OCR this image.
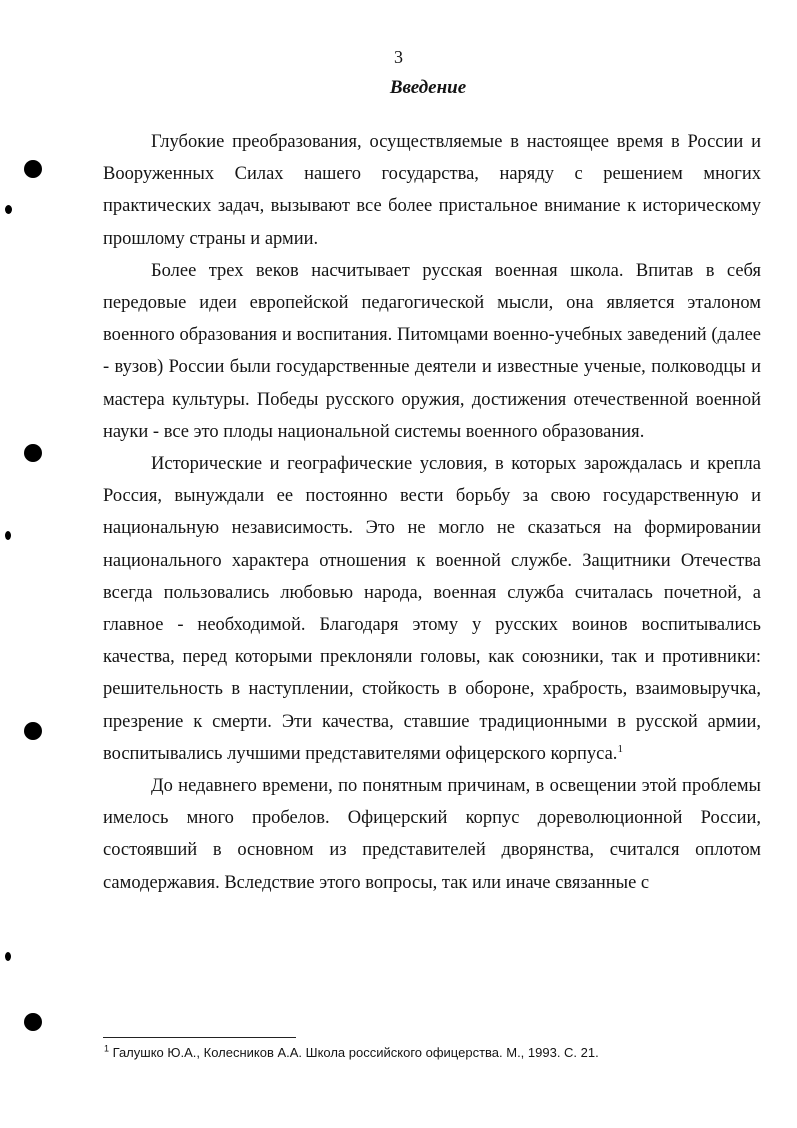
3
Введение

Глубокие преобразования, осуществляемые в настоящее время в России и Вооруженных Силах нашего государства, наряду с решением многих практических задач, вызывают все более пристальное внимание к историческому прошлому страны и армии.

Более трех веков насчитывает русская военная школа. Впитав в себя передовые идеи европейской педагогической мысли, она является эталоном военного образования и воспитания. Питомцами военно-учебных заведений (далее - вузов) России были государственные деятели и известные ученые, полководцы и мастера культуры. Победы русского оружия, достижения отечественной военной науки - все это плоды национальной системы военного образования.

Исторические и географические условия, в которых зарождалась и крепла Россия, вынуждали ее постоянно вести борьбу за свою государственную и национальную независимость. Это не могло не сказаться на формировании национального характера отношения к военной службе. Защитники Отечества всегда пользовались любовью народа, военная служба считалась почетной, а главное - необходимой. Благодаря этому у русских воинов воспитывались качества, перед которыми преклоняли головы, как союзники, так и противники: решительность в наступлении, стойкость в обороне, храбрость, взаимовыручка, презрение к смерти. Эти качества, ставшие традиционными в русской армии, воспитывались лучшими представителями офицерского корпуса.$^1$

До недавнего времени, по понятным причинам, в освещении этой проблемы имелось много пробелов. Офицерский корпус дореволюционной России, состоявший в основном из представителей дворянства, считался оплотом самодержавия. Вследствие этого вопросы, так или иначе связанные с

$^1$ Галушко Ю.А., Колесников А.А. Школа российского офицерства. М., 1993. С. 21.
